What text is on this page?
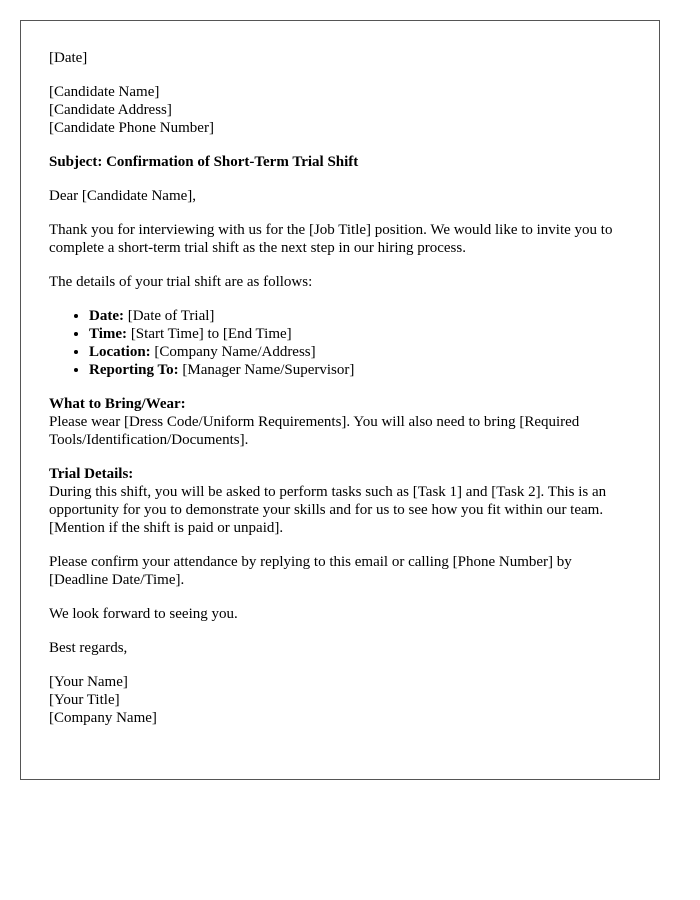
[Date]
[Candidate Name]
[Candidate Address]
[Candidate Phone Number]
Subject: Confirmation of Short-Term Trial Shift
Dear [Candidate Name],
Thank you for interviewing with us for the [Job Title] position. We would like to invite you to complete a short-term trial shift as the next step in our hiring process.
The details of your trial shift are as follows:
• Date: [Date of Trial]
• Time: [Start Time] to [End Time]
• Location: [Company Name/Address]
• Reporting To: [Manager Name/Supervisor]
What to Bring/Wear:
Please wear [Dress Code/Uniform Requirements]. You will also need to bring [Required Tools/Identification/Documents].
Trial Details:
During this shift, you will be asked to perform tasks such as [Task 1] and [Task 2]. This is an opportunity for you to demonstrate your skills and for us to see how you fit within our team. [Mention if the shift is paid or unpaid].
Please confirm your attendance by replying to this email or calling [Phone Number] by [Deadline Date/Time].
We look forward to seeing you.
Best regards,
[Your Name]
[Your Title]
[Company Name]
